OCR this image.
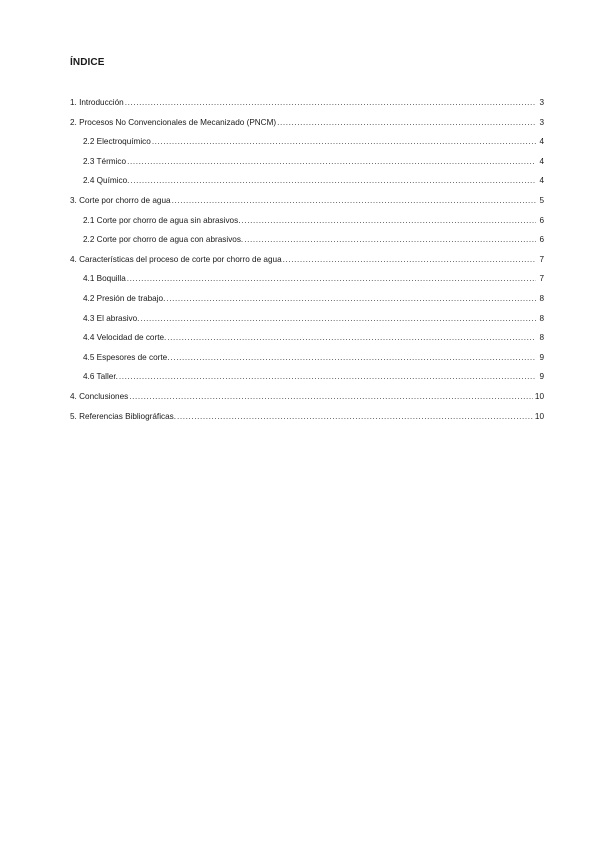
ÍNDICE
1. Introducción .....	3
2. Procesos No Convencionales de Mecanizado (PNCM) .....	3
2.2 Electroquímico .....	4
2.3 Térmico .....	4
2.4 Químico. .....	4
3. Corte por chorro de agua .....	5
2.1 Corte por chorro de agua sin abrasivos. .....	6
2.2 Corte por chorro de agua con abrasivos. .....	6
4. Características del proceso de corte por chorro de agua .....	7
4.1 Boquilla .....	7
4.2 Presión de trabajo. .....	8
4.3 El abrasivo. .....	8
4.4 Velocidad de corte. .....	8
4.5 Espesores de corte. .....	9
4.6 Taller. .....	9
4. Conclusiones .....	10
5. Referencias Bibliográficas. .....	10
